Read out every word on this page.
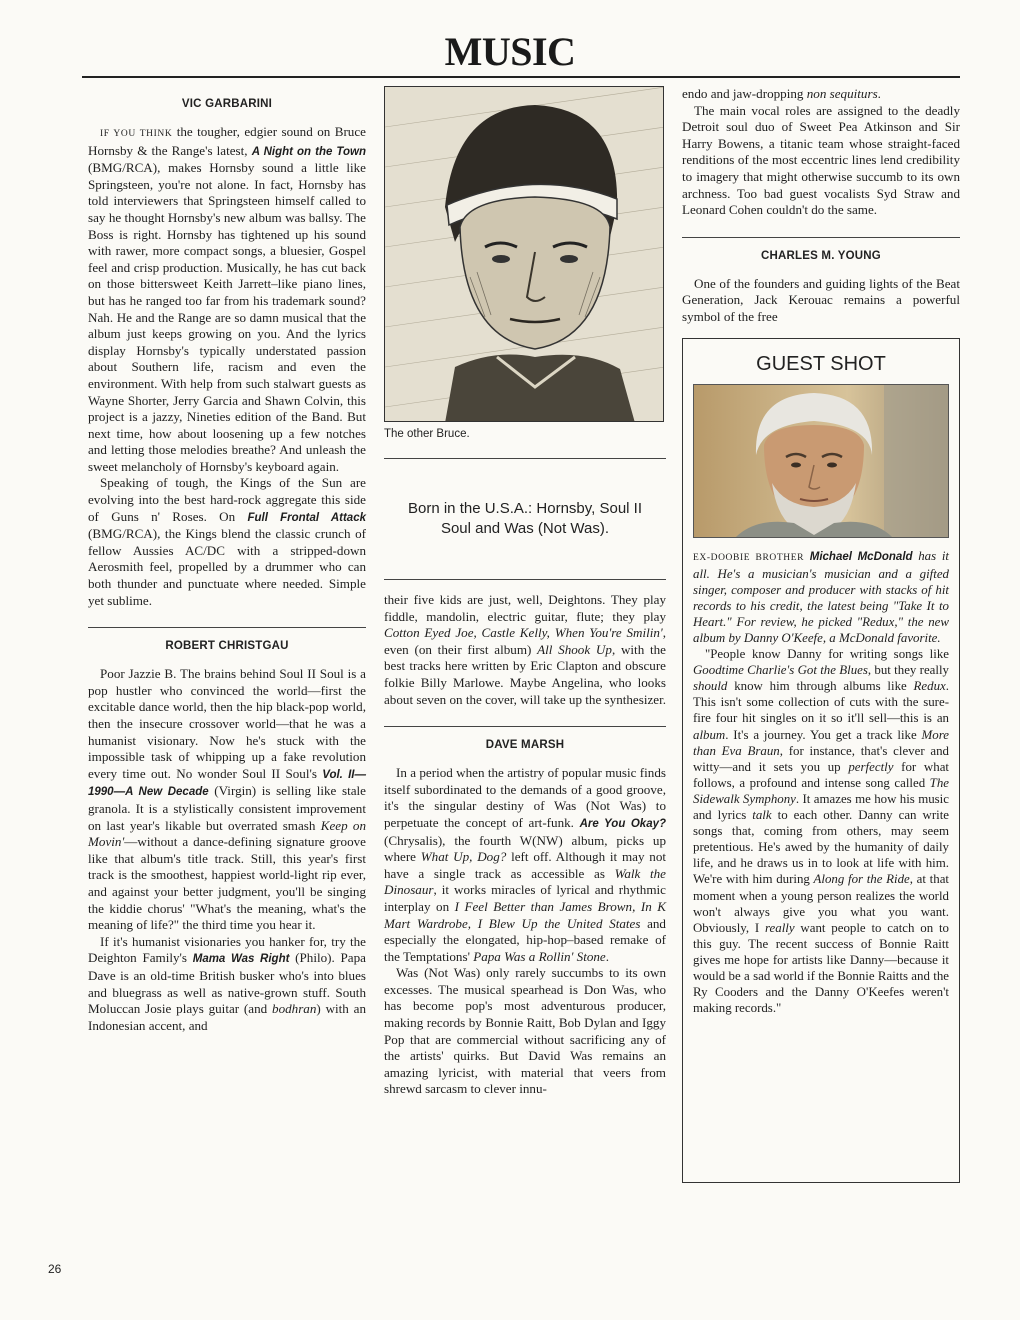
MUSIC
VIC GARBARINI

IF YOU THINK the tougher, edgier sound on Bruce Hornsby & the Range's latest, A Night on the Town (BMG/RCA), makes Hornsby sound a little like Springsteen, you're not alone. In fact, Hornsby has told interviewers that Springsteen himself called to say he thought Hornsby's new album was ballsy. The Boss is right. Hornsby has tightened up his sound with rawer, more compact songs, a bluesier, Gospel feel and crisp production. Musically, he has cut back on those bittersweet Keith Jarrett–like piano lines, but has he ranged too far from his trademark sound? Nah. He and the Range are so damn musical that the album just keeps growing on you. And the lyrics display Hornsby's typically understated passion about Southern life, racism and even the environment. With help from such stalwart guests as Wayne Shorter, Jerry Garcia and Shawn Colvin, this project is a jazzy, Nineties edition of the Band. But next time, how about loosening up a few notches and letting those melodies breathe? And unleash the sweet melancholy of Hornsby's keyboard again.

Speaking of tough, the Kings of the Sun are evolving into the best hard-rock aggregate this side of Guns n' Roses. On Full Frontal Attack (BMG/RCA), the Kings blend the classic crunch of fellow Aussies AC/DC with a stripped-down Aerosmith feel, propelled by a drummer who can both thunder and punctuate where needed. Simple yet sublime.

ROBERT CHRISTGAU

Poor Jazzie B. The brains behind Soul II Soul is a pop hustler who convinced the world—first the excitable dance world, then the hip black-pop world, then the insecure crossover world—that he was a humanist visionary. Now he's stuck with the impossible task of whipping up a fake revolution every time out. No wonder Soul II Soul's Vol. II—1990—A New Decade (Virgin) is selling like stale granola. It is a stylistically consistent improvement on last year's likable but overrated smash Keep on Movin'—without a dance-defining signature groove like that album's title track. Still, this year's first track is the smoothest, happiest world-light rip ever, and against your better judgment, you'll be singing the kiddie chorus' "What's the meaning, what's the meaning of life?" the third time you hear it.

If it's humanist visionaries you hanker for, try the Deighton Family's Mama Was Right (Philo). Papa Dave is an old-time British busker who's into blues and bluegrass as well as native-grown stuff. South Moluccan Josie plays guitar (and bodhran) with an Indonesian accent, and

The other Bruce.
Born in the U.S.A.: Hornsby, Soul II Soul and Was (Not Was).

their five kids are just, well, Deightons. They play fiddle, mandolin, electric guitar, flute; they play Cotton Eyed Joe, Castle Kelly, When You're Smilin', even (on their first album) All Shook Up, with the best tracks here written by Eric Clapton and obscure folkie Billy Marlowe. Maybe Angelina, who looks about seven on the cover, will take up the synthesizer.

DAVE MARSH

In a period when the artistry of popular music finds itself subordinated to the demands of a good groove, it's the singular destiny of Was (Not Was) to perpetuate the concept of art-funk. Are You Okay? (Chrysalis), the fourth W(NW) album, picks up where What Up, Dog? left off. Although it may not have a single track as accessible as Walk the Dinosaur, it works miracles of lyrical and rhythmic interplay on I Feel Better than James Brown, In K Mart Wardrobe, I Blew Up the United States and especially the elongated, hip-hop–based remake of the Temptations' Papa Was a Rollin' Stone.

Was (Not Was) only rarely succumbs to its own excesses. The musical spearhead is Don Was, who has become pop's most adventurous producer, making records by Bonnie Raitt, Bob Dylan and Iggy Pop that are commercial without sacrificing any of the artists' quirks. But David Was remains an amazing lyricist, with material that veers from shrewd sarcasm to clever innu-

endo and jaw-dropping non sequiturs.

The main vocal roles are assigned to the deadly Detroit soul duo of Sweet Pea Atkinson and Sir Harry Bowens, a titanic team whose straight-faced renditions of the most eccentric lines lend credibility to imagery that might otherwise succumb to its own archness. Too bad guest vocalists Syd Straw and Leonard Cohen couldn't do the same.

CHARLES M. YOUNG

One of the founders and guiding lights of the Beat Generation, Jack Kerouac remains a powerful symbol of the free

GUEST SHOT

EX-DOOBIE BROTHER Michael McDonald has it all. He's a musician's musician and a gifted singer, composer and producer with stacks of hit records to his credit, the latest being "Take It to Heart." For review, he picked "Redux," the new album by Danny O'Keefe, a McDonald favorite.

"People know Danny for writing songs like Goodtime Charlie's Got the Blues, but they really should know him through albums like Redux. This isn't some collection of cuts with the sure-fire four hit singles on it so it'll sell—this is an album. It's a journey. You get a track like More than Eva Braun, for instance, that's clever and witty—and it sets you up perfectly for what follows, a profound and intense song called The Sidewalk Symphony. It amazes me how his music and lyrics talk to each other. Danny can write songs that, coming from others, may seem pretentious. He's awed by the humanity of daily life, and he draws us in to look at life with him. We're with him during Along for the Ride, at that moment when a young person realizes the world won't always give you what you want. Obviously, I really want people to catch on to this guy. The recent success of Bonnie Raitt gives me hope for artists like Danny—because it would be a sad world if the Bonnie Raitts and the Ry Cooders and the Danny O'Keefes weren't making records."

26
